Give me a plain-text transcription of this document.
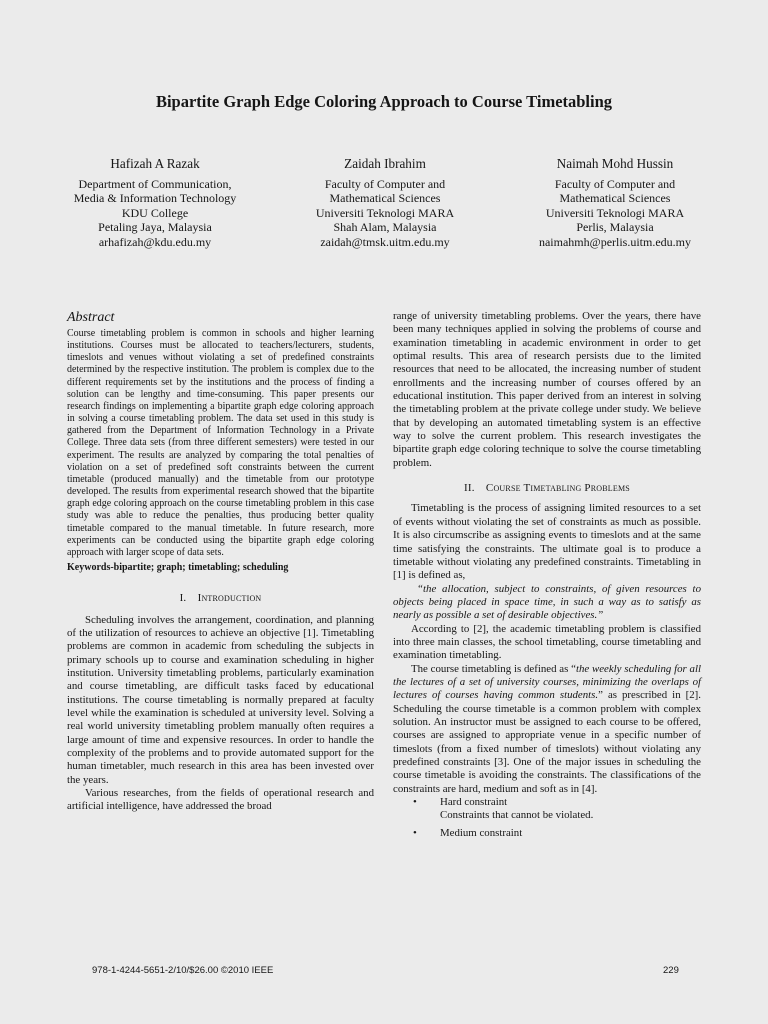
Bipartite Graph Edge Coloring Approach to Course Timetabling
Hafizah A Razak
Department of Communication,
Media & Information Technology
KDU College
Petaling Jaya, Malaysia
arhafizah@kdu.edu.my
Zaidah Ibrahim
Faculty of Computer and
Mathematical Sciences
Universiti Teknologi MARA
Shah Alam, Malaysia
zaidah@tmsk.uitm.edu.my
Naimah Mohd Hussin
Faculty of Computer and
Mathematical Sciences
Universiti Teknologi MARA
Perlis, Malaysia
naimahmh@perlis.uitm.edu.my

Abstract

Course timetabling problem is common in schools and higher learning institutions. Courses must be allocated to teachers/lecturers, students, timeslots and venues without violating a set of predefined constraints determined by the respective institution. The problem is complex due to the different requirements set by the institutions and the process of finding a solution can be lengthy and time-consuming. This paper presents our research findings on implementing a bipartite graph edge coloring approach in solving a course timetabling problem. The data set used in this study is gathered from the Department of Information Technology in a Private College. Three data sets (from three different semesters) were tested in our experiment. The results are analyzed by comparing the total penalties of violation on a set of predefined soft constraints between the current timetable (produced manually) and the timetable from our prototype developed. The results from experimental research showed that the bipartite graph edge coloring approach on the course timetabling problem in this case study was able to reduce the penalties, thus producing better quality timetable compared to the manual timetable. In future research, more experiments can be conducted using the bipartite graph edge coloring approach with larger scope of data sets.

Keywords-bipartite; graph; timetabling; scheduling

I. Introduction

Scheduling involves the arrangement, coordination, and planning of the utilization of resources to achieve an objective [1]. Timetabling problems are common in academic from scheduling the subjects in primary schools up to course and examination scheduling in higher institution. University timetabling problems, particularly examination and course timetabling, are difficult tasks faced by educational institutions. The course timetabling is normally prepared at faculty level while the examination is scheduled at university level. Solving a real world university timetabling problem manually often requires a large amount of time and expensive resources. In order to handle the complexity of the problems and to provide automated support for the human timetabler, much research in this area has been invested over the years.

Various researches, from the fields of operational research and artificial intelligence, have addressed the broad

range of university timetabling problems. Over the years, there have been many techniques applied in solving the problems of course and examination timetabling in academic environment in order to get optimal results. This area of research persists due to the limited resources that need to be allocated, the increasing number of student enrollments and the increasing number of courses offered by an educational institution. This paper derived from an interest in solving the timetabling problem at the private college under study. We believe that by developing an automated timetabling system is an effective way to solve the current problem. This research investigates the bipartite graph edge coloring technique to solve the course timetabling problem.

II. Course Timetabling Problems

Timetabling is the process of assigning limited resources to a set of events without violating the set of constraints as much as possible. It is also circumscribe as assigning events to timeslots and at the same time satisfying the constraints. The ultimate goal is to produce a timetable without violating any predefined constraints. Timetabling in [1] is defined as,

“the allocation, subject to constraints, of given resources to objects being placed in space time, in such a way as to satisfy as nearly as possible a set of desirable objectives.”

According to [2], the academic timetabling problem is classified into three main classes, the school timetabling, course timetabling and examination timetabling.

The course timetabling is defined as “the weekly scheduling for all the lectures of a set of university courses, minimizing the overlaps of lectures of courses having common students.” as prescribed in [2]. Scheduling the course timetable is a common problem with complex solution. An instructor must be assigned to each course to be offered, courses are assigned to appropriate venue in a specific number of timeslots (from a fixed number of timeslots) without violating any predefined constraints [3]. One of the major issues in scheduling the course timetable is avoiding the constraints. The classifications of the constraints are hard, medium and soft as in [4].

•	Hard constraint

Constraints that cannot be violated.

•	Medium constraint
978-1-4244-5651-2/10/$26.00 ©2010 IEEE	229
